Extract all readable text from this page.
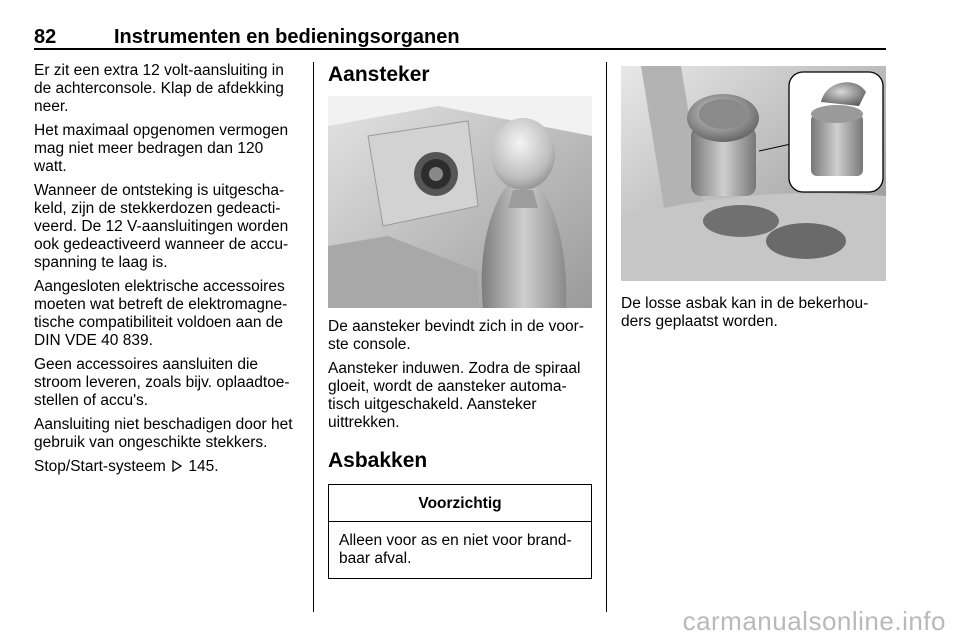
82	Instrumenten en bedieningsorganen

Er zit een extra 12 volt-aansluiting in de achterconsole. Klap de afdekking neer.

Het maximaal opgenomen vermogen mag niet meer bedragen dan 120 watt.

Wanneer de ontsteking is uitgescha-keld, zijn de stekkerdozen gedeacti-veerd. De 12 V-aansluitingen worden ook gedeactiveerd wanneer de accu-spanning te laag is.

Aangesloten elektrische accessoires moeten wat betreft de elektromagne-tische compatibiliteit voldoen aan de DIN VDE 40 839.

Geen accessoires aansluiten die stroom leveren, zoals bijv. oplaadtoe-stellen of accu's.

Aansluiting niet beschadigen door het gebruik van ongeschikte stekkers.

Stop/Start-systeem 145.

Aansteker

De aansteker bevindt zich in de voor-ste console.

Aansteker induwen. Zodra de spiraal gloeit, wordt de aansteker automa-tisch uitgeschakeld. Aansteker uittrekken.

Asbakken
Voorzichtig
Alleen voor as en niet voor brand-baar afval.

De losse asbak kan in de bekerhou-ders geplaatst worden.

carmanualsonline.info
